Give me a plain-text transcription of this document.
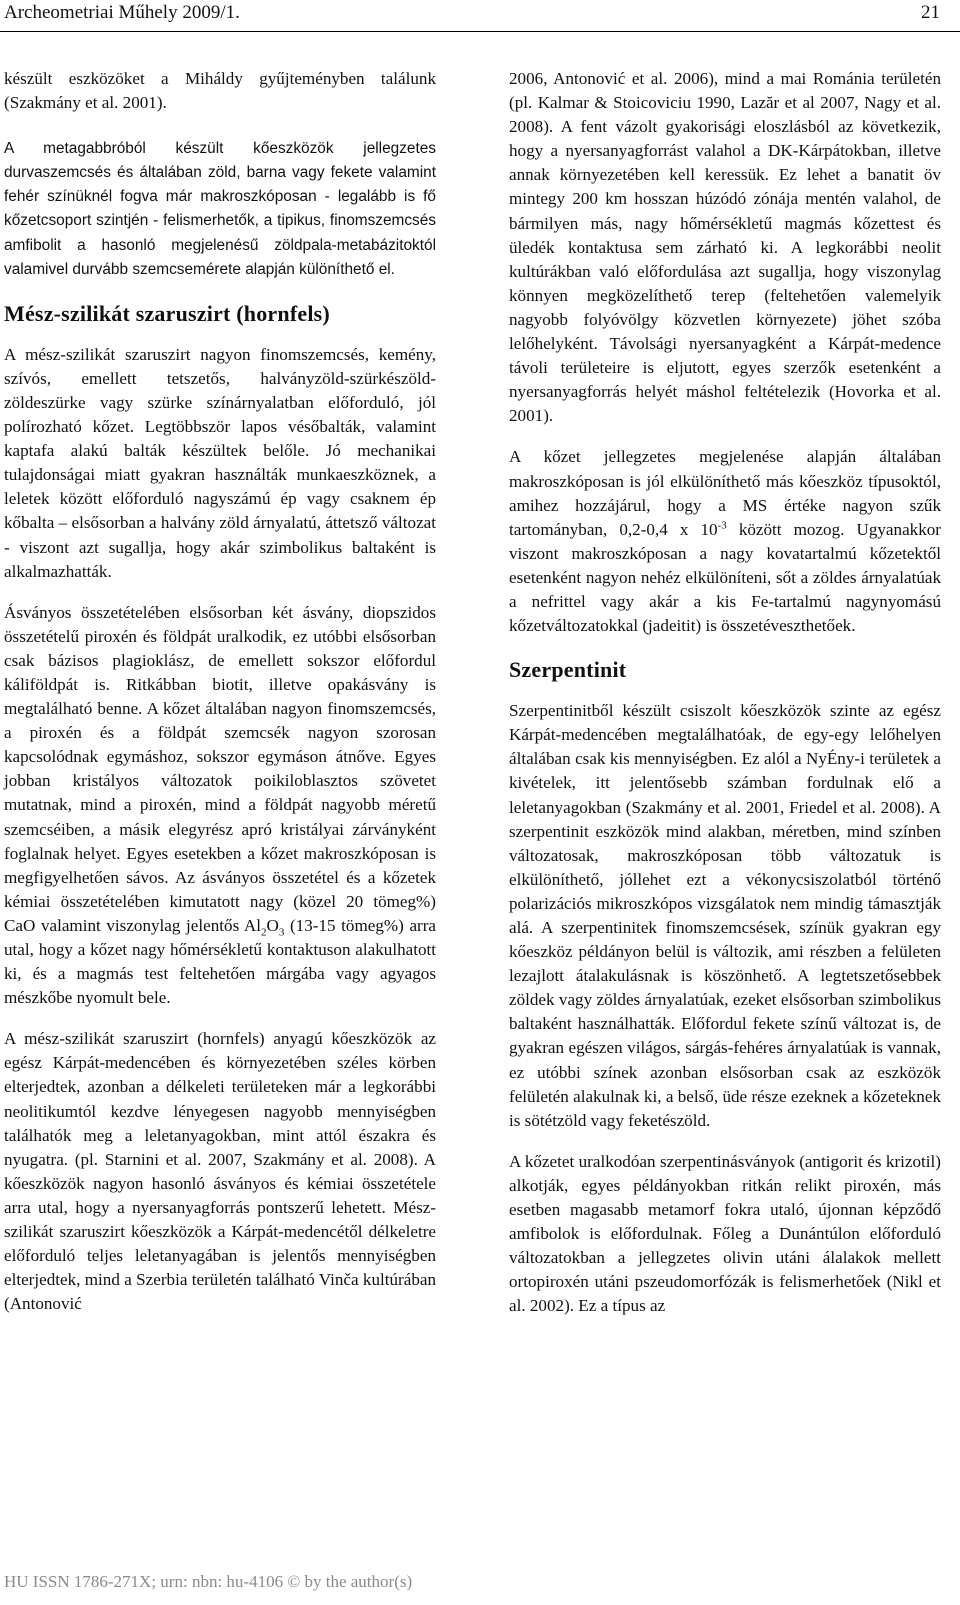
Archeometriai Műhely 2009/1.	21

készült eszközöket a Miháldy gyűjteményben találunk (Szakmány et al. 2001).

A metagabbróból készült kőeszközök jellegzetes durvaszemcsés és általában zöld, barna vagy fekete valamint fehér színüknél fogva már makroszkóposan - legalább is fő kőzetcsoport szintjén - felismerhetők, a tipikus, finomszemcsés amfibolit a hasonló megjelenésű zöldpala-metabázitoktól valamivel durvább szemcsemérete alapján különíthető el.

Mész-szilikát szaruszirt (hornfels)

A mész-szilikát szaruszirt nagyon finomszemcsés, kemény, szívós, emellett tetszetős, halványzöld-szürkészöld-zöldeszürke vagy szürke színárnyalatban előforduló, jól polírozható kőzet. Legtöbbször lapos vésőbalták, valamint kaptafa alakú balták készültek belőle. Jó mechanikai tulajdonságai miatt gyakran használták munkaeszköznek, a leletek között előforduló nagyszámú ép vagy csaknem ép kőbalta – elsősorban a halvány zöld árnyalatú, áttetsző változat - viszont azt sugallja, hogy akár szimbolikus baltaként is alkalmazhatták.

Ásványos összetételében elsősorban két ásvány, diopszidos összetételű piroxén és földpát uralkodik, ez utóbbi elsősorban csak bázisos plagioklász, de emellett sokszor előfordul káliföldpát is. Ritkábban biotit, illetve opakásvány is megtalálható benne. A kőzet általában nagyon finomszemcsés, a piroxén és a földpát szemcsék nagyon szorosan kapcsolódnak egymáshoz, sokszor egymáson átnőve. Egyes jobban kristályos változatok poikiloblasztos szövetet mutatnak, mind a piroxén, mind a földpát nagyobb méretű szemcséiben, a másik elegyrész apró kristályai zárványként foglalnak helyet. Egyes esetekben a kőzet makroszkóposan is megfigyelhetően sávos. Az ásványos összetétel és a kőzetek kémiai összetételében kimutatott nagy (közel 20 tömeg%) CaO valamint viszonylag jelentős $Al_2O_3$ (13-15 tömeg%) arra utal, hogy a kőzet nagy hőmérsékletű kontaktuson alakulhatott ki, és a magmás test feltehetően márgába vagy agyagos mészkőbe nyomult bele.

A mész-szilikát szaruszirt (hornfels) anyagú kőeszközök az egész Kárpát-medencében és környezetében széles körben elterjedtek, azonban a délkeleti területeken már a legkorábbi neolitikumtól kezdve lényegesen nagyobb mennyiségben találhatók meg a leletanyagokban, mint attól északra és nyugatra. (pl. Starnini et al. 2007, Szakmány et al. 2008). A kőeszközök nagyon hasonló ásványos és kémiai összetétele arra utal, hogy a nyersanyagforrás pontszerű lehetett. Mész-szilikát szaruszirt kőeszközök a Kárpát-medencétől délkeletre előforduló teljes leletanyagában is jelentős mennyiségben elterjedtek, mind a Szerbia területén található Vinča kultúrában (Antonović

2006, Antonović et al. 2006), mind a mai Románia területén (pl. Kalmar & Stoicoviciu 1990, Lazăr et al 2007, Nagy et al. 2008). A fent vázolt gyakorisági eloszlásból az következik, hogy a nyersanyagforrást valahol a DK-Kárpátokban, illetve annak környezetében kell keressük. Ez lehet a banatit öv mintegy 200 km hosszan húzódó zónája mentén valahol, de bármilyen más, nagy hőmérsékletű magmás kőzettest és üledék kontaktusa sem zárható ki. A legkorábbi neolit kultúrákban való előfordulása azt sugallja, hogy viszonylag könnyen megközelíthető terep (feltehetően valemelyik nagyobb folyóvölgy közvetlen környezete) jöhet szóba lelőhelyként. Távolsági nyersanyagként a Kárpát-medence távoli területeire is eljutott, egyes szerzők esetenként a nyersanyagforrás helyét máshol feltételezik (Hovorka et al. 2001).

A kőzet jellegzetes megjelenése alapján általában makroszkóposan is jól elkülöníthető más kőeszköz típusoktól, amihez hozzájárul, hogy a MS értéke nagyon szűk tartományban, 0,2-0,4 x $10^{-3}$ között mozog. Ugyanakkor viszont makroszkóposan a nagy kovatartalmú kőzetektől esetenként nagyon nehéz elkülöníteni, sőt a zöldes árnyalatúak a nefrittel vagy akár a kis Fe-tartalmú nagynyomású kőzetváltozatokkal (jadeitit) is összetéveszthetőek.

Szerpentinit

Szerpentinitből készült csiszolt kőeszközök szinte az egész Kárpát-medencében megtalálhatóak, de egy-egy lelőhelyen általában csak kis mennyiségben. Ez alól a NyÉny-i területek a kivételek, itt jelentősebb számban fordulnak elő a leletanyagokban (Szakmány et al. 2001, Friedel et al. 2008). A szerpentinit eszközök mind alakban, méretben, mind színben változatosak, makroszkóposan több változatuk is elkülöníthető, jóllehet ezt a vékonycsiszolatból történő polarizációs mikroszkópos vizsgálatok nem mindig támasztják alá. A szerpentinitek finomszemcsések, színük gyakran egy kőeszköz példányon belül is változik, ami részben a felületen lezajlott átalakulásnak is köszönhető. A legtetszetősebbek zöldek vagy zöldes árnyalatúak, ezeket elsősorban szimbolikus baltaként használhatták. Előfordul fekete színű változat is, de gyakran egészen világos, sárgás-fehéres árnyalatúak is vannak, ez utóbbi színek azonban elsősorban csak az eszközök felületén alakulnak ki, a belső, üde része ezeknek a kőzeteknek is sötétzöld vagy feketészöld.

A kőzetet uralkodóan szerpentinásványok (antigorit és krizotil) alkotják, egyes példányokban ritkán relikt piroxén, más esetben magasabb metamorf fokra utaló, újonnan képződő amfibolok is előfordulnak. Főleg a Dunántúlon előforduló változatokban a jellegzetes olivin utáni álalakok mellett ortopiroxén utáni pszeudomorfózák is felismerhetőek (Nikl et al. 2002). Ez a típus az

HU ISSN 1786-271X; urn: nbn: hu-4106 © by the author(s)
